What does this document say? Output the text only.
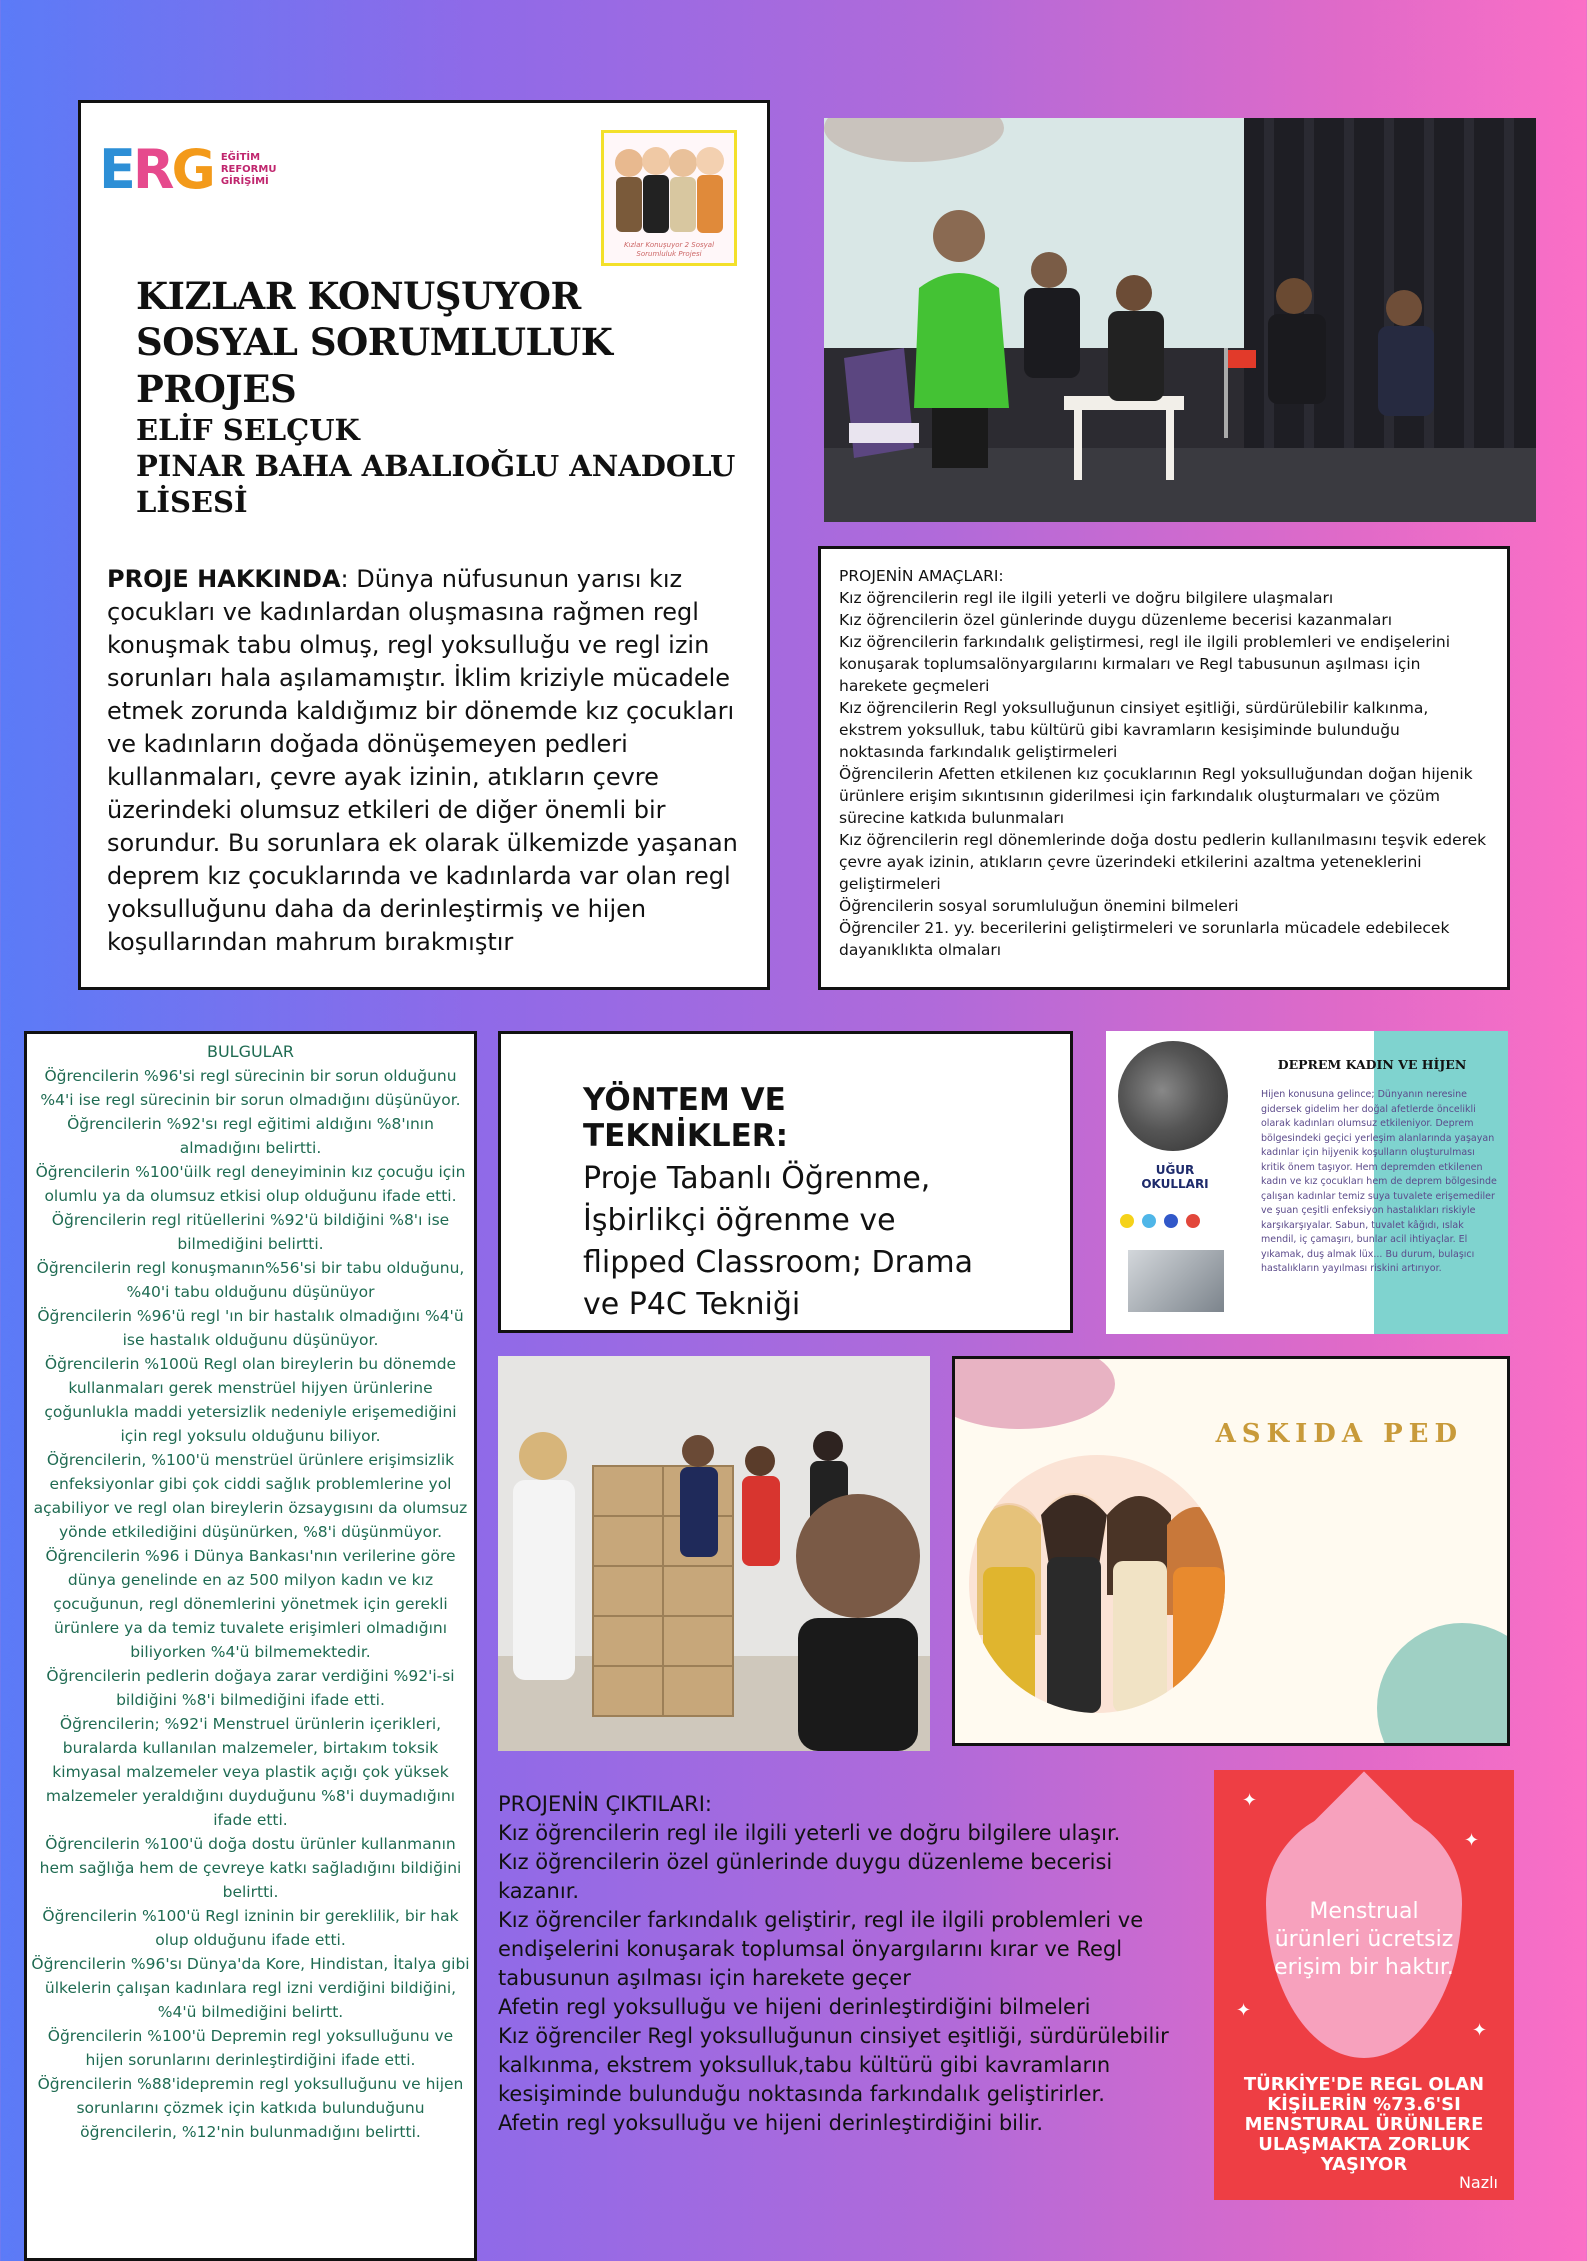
ERG EĞİTİM REFORMU GİRİŞİMİ
Kızlar Konuşuyor 2 Sosyal Sorumluluk Projesi
KIZLAR KONUŞUYOR
SOSYAL SORUMLULUK PROJES
ELİF SELÇUK
PINAR BAHA ABALIOĞLU ANADOLU LİSESİ
PROJE HAKKINDA: Dünya nüfusunun yarısı kız çocukları ve kadınlardan oluşmasına rağmen regl konuşmak tabu olmuş, regl yoksulluğu ve regl izin sorunları hala aşılamamıştır. İklim kriziyle mücadele etmek zorunda kaldığımız bir dönemde kız çocukları ve kadınların doğada dönüşemeyen pedleri kullanmaları, çevre ayak izinin, atıkların çevre üzerindeki olumsuz etkileri de diğer önemli bir sorundur. Bu sorunlara ek olarak ülkemizde yaşanan deprem kız çocuklarında ve kadınlarda var olan regl yoksulluğunu daha da derinleştirmiş ve hijen koşullarından mahrum bırakmıştır
PROJENİN AMAÇLARI:
Kız öğrencilerin regl ile ilgili yeterli ve doğru bilgilere ulaşmaları
Kız öğrencilerin özel günlerinde duygu düzenleme becerisi kazanmaları
Kız öğrencilerin farkındalık geliştirmesi, regl ile ilgili problemleri ve endişelerini konuşarak toplumsalönyargılarını kırmaları ve Regl tabusunun aşılması için harekete geçmeleri
Kız öğrencilerin Regl yoksulluğunun cinsiyet eşitliği, sürdürülebilir kalkınma, ekstrem yoksulluk, tabu kültürü gibi kavramların kesişiminde bulunduğu noktasında farkındalık geliştirmeleri
Öğrencilerin Afetten etkilenen kız çocuklarının Regl yoksulluğundan doğan hijenik ürünlere erişim sıkıntısının giderilmesi için farkındalık oluşturmaları ve çözüm sürecine katkıda bulunmaları
Kız öğrencilerin regl dönemlerinde doğa dostu pedlerin kullanılmasını teşvik ederek çevre ayak izinin, atıkların çevre üzerindeki etkilerini azaltma yeteneklerini geliştirmeleri
Öğrencilerin sosyal sorumluluğun önemini bilmeleri
Öğrenciler 21. yy. becerilerini geliştirmeleri ve sorunlarla mücadele edebilecek dayanıklıkta olmaları
BULGULAR
Öğrencilerin %96'si regl sürecinin bir sorun olduğunu %4'i ise regl sürecinin bir sorun olmadığını düşünüyor.
Öğrencilerin %92'sı regl eğitimi aldığını %8'ının almadığını belirtti.
Öğrencilerin %100'üilk regl deneyiminin kız çocuğu için olumlu ya da olumsuz etkisi olup olduğunu ifade etti.
Öğrencilerin regl ritüellerini %92'ü bildiğini %8'ı ise bilmediğini belirtti.
Öğrencilerin regl konuşmanın%56'si bir tabu olduğunu, %40'i tabu olduğunu düşünüyor
Öğrencilerin %96'ü regl 'ın bir hastalık olmadığını %4'ü ise hastalık olduğunu düşünüyor.
Öğrencilerin %100ü Regl olan bireylerin bu dönemde kullanmaları gerek menstrüel hijyen ürünlerine çoğunlukla maddi yetersizlik nedeniyle erişemediğini için regl yoksulu olduğunu biliyor.
Öğrencilerin, %100'ü menstrüel ürünlere erişimsizlik enfeksiyonlar gibi çok ciddi sağlık problemlerine yol açabiliyor ve regl olan bireylerin özsaygısını da olumsuz yönde etkilediğini düşünürken, %8'i düşünmüyor.
Öğrencilerin %96 i Dünya Bankası'nın verilerine göre dünya genelinde en az 500 milyon kadın ve kız çocuğunun, regl dönemlerini yönetmek için gerekli ürünlere ya da temiz tuvalete erişimleri olmadığını biliyorken %4'ü bilmemektedir.
Öğrencilerin pedlerin doğaya zarar verdiğini %92'i-si bildiğini %8'i bilmediğini ifade etti.
Öğrencilerin; %92'i Menstruel ürünlerin içerikleri, buralarda kullanılan malzemeler, birtakım toksik kimyasal malzemeler veya plastik açığı çok yüksek malzemeler yeraldığını duyduğunu %8'i duymadığını ifade etti.
Öğrencilerin %100'ü doğa dostu ürünler kullanmanın hem sağlığa hem de çevreye katkı sağladığını bildiğini belirtti.
Öğrencilerin %100'ü Regl izninin bir gereklilik, bir hak olup olduğunu ifade etti.
Öğrencilerin %96'sı Dünya'da Kore, Hindistan, İtalya gibi ülkelerin çalışan kadınlara regl izni verdiğini bildiğini, %4'ü bilmediğini belirtt.
Öğrencilerin %100'ü Depremin regl yoksulluğunu ve hijen sorunlarını derinleştirdiğini ifade etti.
Öğrencilerin %88'idepremin regl yoksulluğunu ve hijen sorunlarını çözmek için katkıda bulunduğunu öğrencilerin, %12'nin bulunmadığını belirtti.
YÖNTEM VE TEKNİKLER:
Proje Tabanlı Öğrenme, İşbirlikçi öğrenme ve flipped Classroom; Drama ve P4C Tekniği
UĞUR OKULLARI
DEPREM KADIN VE HİJEN
Hijen konusuna gelince; Dünyanın neresine gidersek gidelim her doğal afetlerde öncelikli olarak kadınları olumsuz etkileniyor. Deprem bölgesindeki geçici yerleşim alanlarında yaşayan kadınlar için hijyenik koşulların oluşturulması kritik önem taşıyor. Hem depremden etkilenen kadın ve kız çocukları hem de deprem bölgesinde çalışan kadınlar temiz suya tuvalete erişemediler ve şuan çeşitli enfeksiyon hastalıkları riskiyle karşıkarşıyalar. Sabun, tuvalet kâğıdı, ıslak mendil, iç çamaşırı, bunlar acil ihtiyaçlar. El yıkamak, duş almak lüx... Bu durum, bulaşıcı hastalıkların yayılması riskini artırıyor.
ASKIDA PED
PROJENİN ÇIKTILARI:
Kız öğrencilerin regl ile ilgili yeterli ve doğru bilgilere ulaşır.
Kız öğrencilerin özel günlerinde duygu düzenleme becerisi kazanır.
Kız öğrenciler farkındalık geliştirir, regl ile ilgili problemleri ve endişelerini konuşarak toplumsal önyargılarını kırar ve Regl tabusunun aşılması için harekete geçer
Afetin regl yoksulluğu ve hijeni derinleştirdiğini bilmeleri
Kız öğrenciler Regl yoksulluğunun cinsiyet eşitliği, sürdürülebilir kalkınma, ekstrem yoksulluk,tabu kültürü gibi kavramların kesişiminde bulunduğu noktasında farkındalık geliştirirler. Afetin regl yoksulluğu ve hijeni derinleştirdiğini bilir.
✦
✦
✦
✦
Menstrual ürünleri ücretsiz erişim bir haktır.
TÜRKİYE'DE REGL OLAN KİŞİLERİN %73.6'SI MENSTURAL ÜRÜNLERE ULAŞMAKTA ZORLUK YAŞIYOR
Nazlı
